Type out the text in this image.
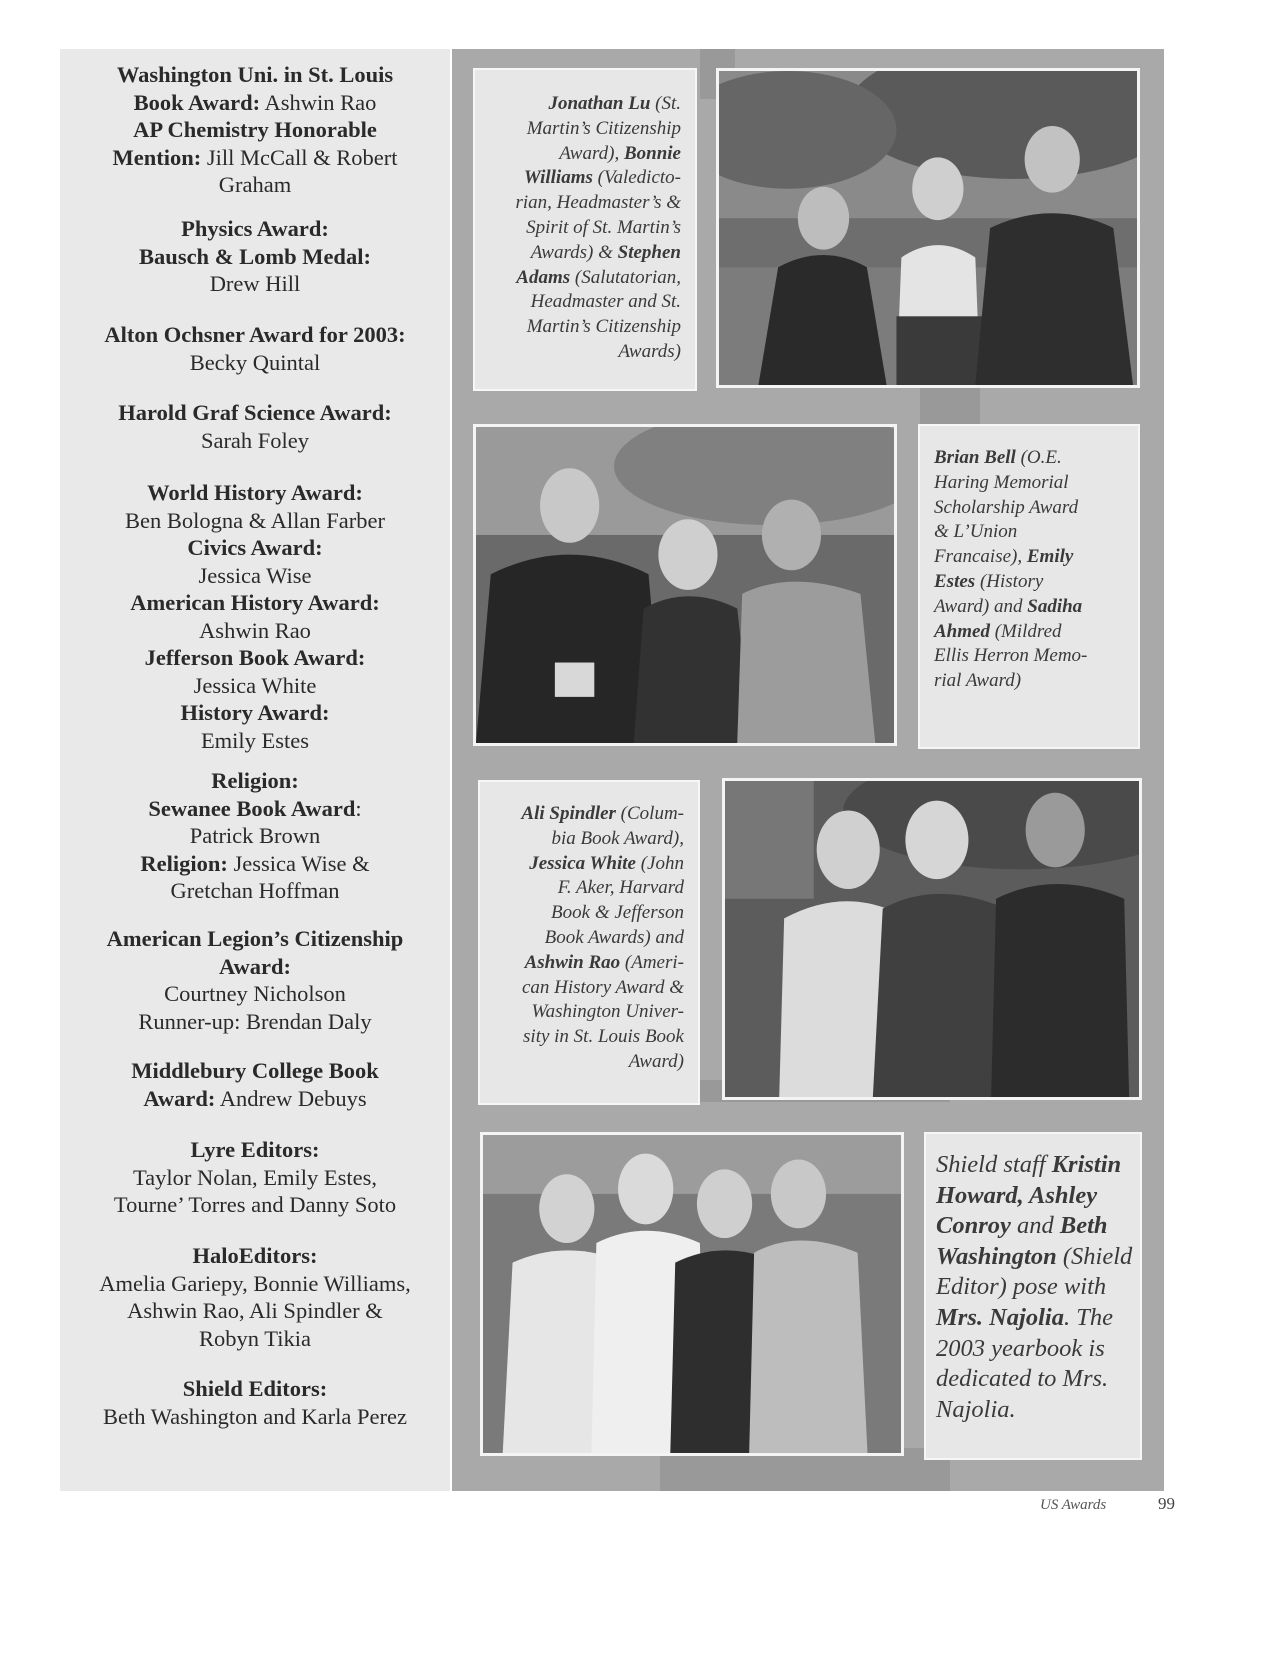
Washington Uni. in St. Louis
Book Award: Ashwin Rao
AP Chemistry Honorable
Mention: Jill McCall & Robert
Graham
Physics Award:
Bausch & Lomb Medal:
Drew Hill
Alton Ochsner Award for 2003:
Becky Quintal
Harold Graf Science Award:
Sarah Foley
World History Award:
Ben Bologna & Allan Farber
Civics Award:
Jessica Wise
American History Award:
Ashwin Rao
Jefferson Book Award:
Jessica White
History Award:
Emily Estes
Religion:
Sewanee Book Award:
Patrick Brown
Religion: Jessica Wise &
Gretchan Hoffman
American Legion’s Citizenship
Award:
Courtney Nicholson
Runner-up: Brendan Daly
Middlebury College Book
Award: Andrew Debuys
Lyre Editors:
Taylor Nolan, Emily Estes,
Tourne’ Torres and Danny Soto
HaloEditors:
Amelia Gariepy, Bonnie Williams,
Ashwin Rao, Ali Spindler &
Robyn Tikia
Shield Editors:
Beth Washington and Karla Perez
Jonathan Lu (St.
Martin’s Citizenship
Award), Bonnie
Williams (Valedicto-
rian, Headmaster’s &
Spirit of St. Martin’s
Awards) & Stephen
Adams (Salutatorian,
Headmaster and St.
Martin’s Citizenship
Awards)
Brian Bell (O.E.
Haring Memorial
Scholarship Award
& L’Union
Francaise), Emily
Estes (History
Award) and Sadiha
Ahmed (Mildred
Ellis Herron Memo-
rial Award)
Ali Spindler (Colum-
bia Book Award),
Jessica White (John
F. Aker, Harvard
Book & Jefferson
Book Awards) and
Ashwin Rao (Ameri-
can History Award &
Washington Univer-
sity in St. Louis Book
Award)
Shield staff Kristin
Howard, Ashley
Conroy and Beth
Washington (Shield
Editor) pose with
Mrs. Najolia. The
2003 yearbook is
dedicated to Mrs.
Najolia.
US Awards	99
